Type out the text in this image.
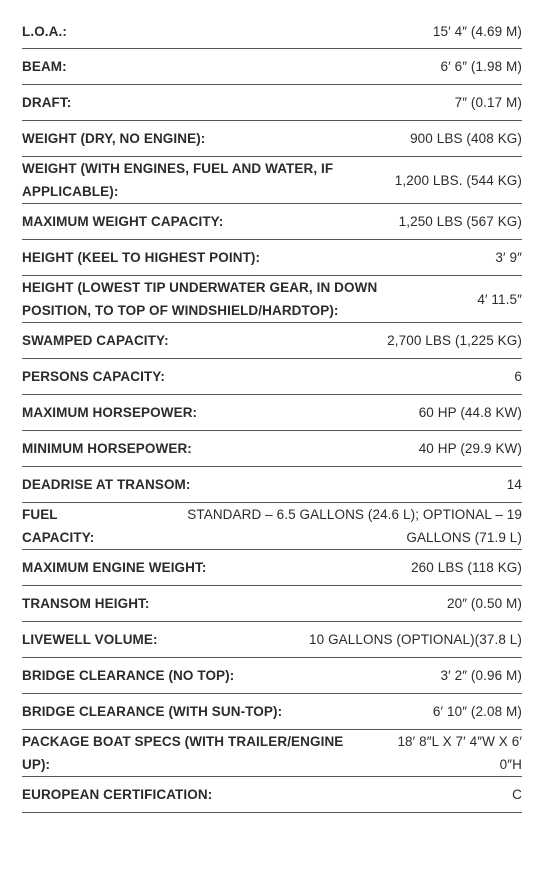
L.O.A.:	15′ 4″ (4.69 M)
BEAM:	6′ 6″ (1.98 M)
DRAFT:	7″ (0.17 M)
WEIGHT (DRY, NO ENGINE):	900 LBS (408 KG)
WEIGHT (WITH ENGINES, FUEL AND WATER, IF APPLICABLE):
1,200 LBS. (544 KG)
MAXIMUM WEIGHT CAPACITY:	1,250 LBS (567 KG)
HEIGHT (KEEL TO HIGHEST POINT):	3′ 9″
HEIGHT (LOWEST TIP UNDERWATER GEAR, IN DOWN POSITION, TO TOP OF WINDSHIELD/HARDTOP):
4′ 11.5″
SWAMPED CAPACITY:	2,700 LBS (1,225 KG)
PERSONS CAPACITY:	6
MAXIMUM HORSEPOWER:	60 HP (44.8 KW)
MINIMUM HORSEPOWER:	40 HP (29.9 KW)
DEADRISE AT TRANSOM:	14
FUEL CAPACITY:
STANDARD – 6.5 GALLONS (24.6 L); OPTIONAL – 19 GALLONS (71.9 L)
MAXIMUM ENGINE WEIGHT:	260 LBS (118 KG)
TRANSOM HEIGHT:	20″ (0.50 M)
LIVEWELL VOLUME:	10 GALLONS (OPTIONAL)(37.8 L)
BRIDGE CLEARANCE (NO TOP):	3′ 2″ (0.96 M)
BRIDGE CLEARANCE (WITH SUN-TOP):	6′ 10″ (2.08 M)
PACKAGE BOAT SPECS (WITH TRAILER/ENGINE UP):
18′ 8″L X 7′ 4″W X 6′ 0″H
EUROPEAN CERTIFICATION:	C
